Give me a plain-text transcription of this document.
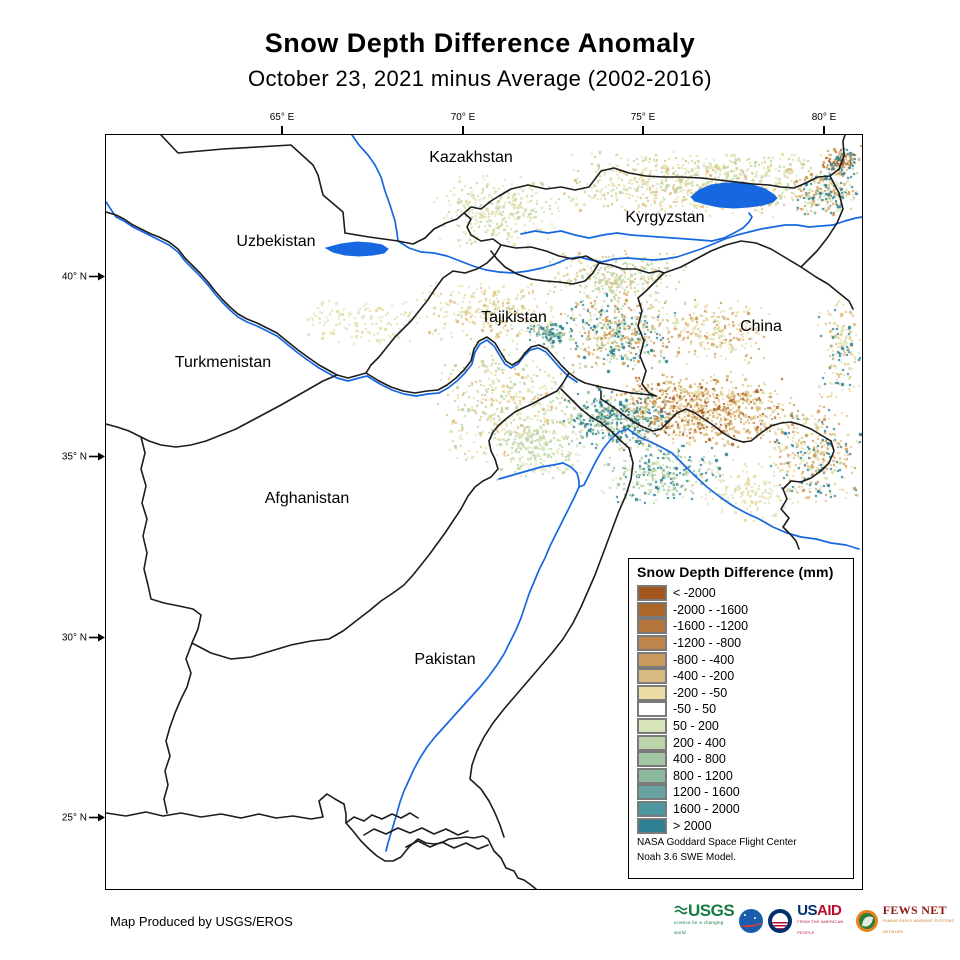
Snow Depth Difference Anomaly
October 23, 2021 minus Average (2002-2016)
65° E	70° E	75° E	80° E
40° N
35° N
30° N
25° N
Kazakhstan
Uzbekistan
Kyrgyzstan
Turkmenistan
Tajikistan
China
Afghanistan
Pakistan
Snow Depth Difference (mm)
< -2000
-2000 - -1600
-1600 - -1200
-1200 - -800
-800 - -400
-400 - -200
-200 - -50
-50 - 50
50 - 200
200 - 400
400 - 800
800 - 1200
1200 - 1600
1600 - 2000
> 2000
NASA Goddard Space Flight Center
Noah 3.6 SWE Model.
Map Produced by USGS/EROS
USGS
science for a changing world
USAID
FROM THE AMERICAN PEOPLE
FEWS NET
FAMINE EARLY WARNING SYSTEMS NETWORK
